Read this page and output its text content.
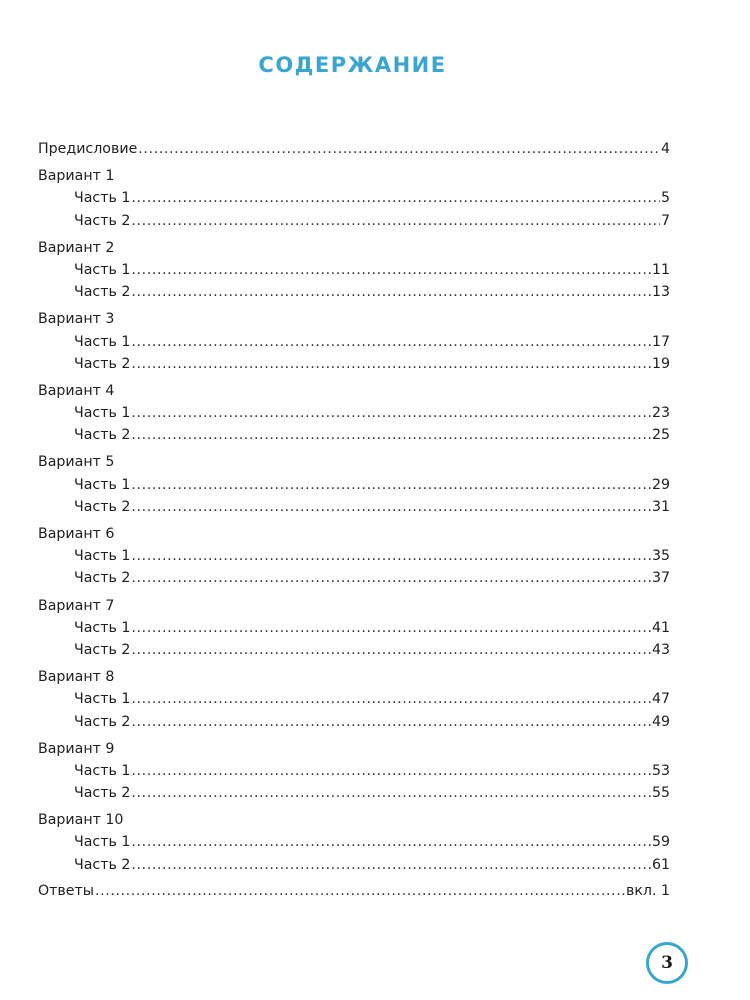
СОДЕРЖАНИЕ
Предисловие .....	4
Вариант 1
Часть 1 .....	5
Часть 2 .....	7
Вариант 2
Часть 1 .....	11
Часть 2 .....	13
Вариант 3
Часть 1 .....	17
Часть 2 .....	19
Вариант 4
Часть 1 .....	23
Часть 2 .....	25
Вариант 5
Часть 1 .....	29
Часть 2 .....	31
Вариант 6
Часть 1 .....	35
Часть 2 .....	37
Вариант 7
Часть 1 .....	41
Часть 2 .....	43
Вариант 8
Часть 1 .....	47
Часть 2 .....	49
Вариант 9
Часть 1 .....	53
Часть 2 .....	55
Вариант 10
Часть 1 .....	59
Часть 2 .....	61
Ответы .....	вкл. 1
3
